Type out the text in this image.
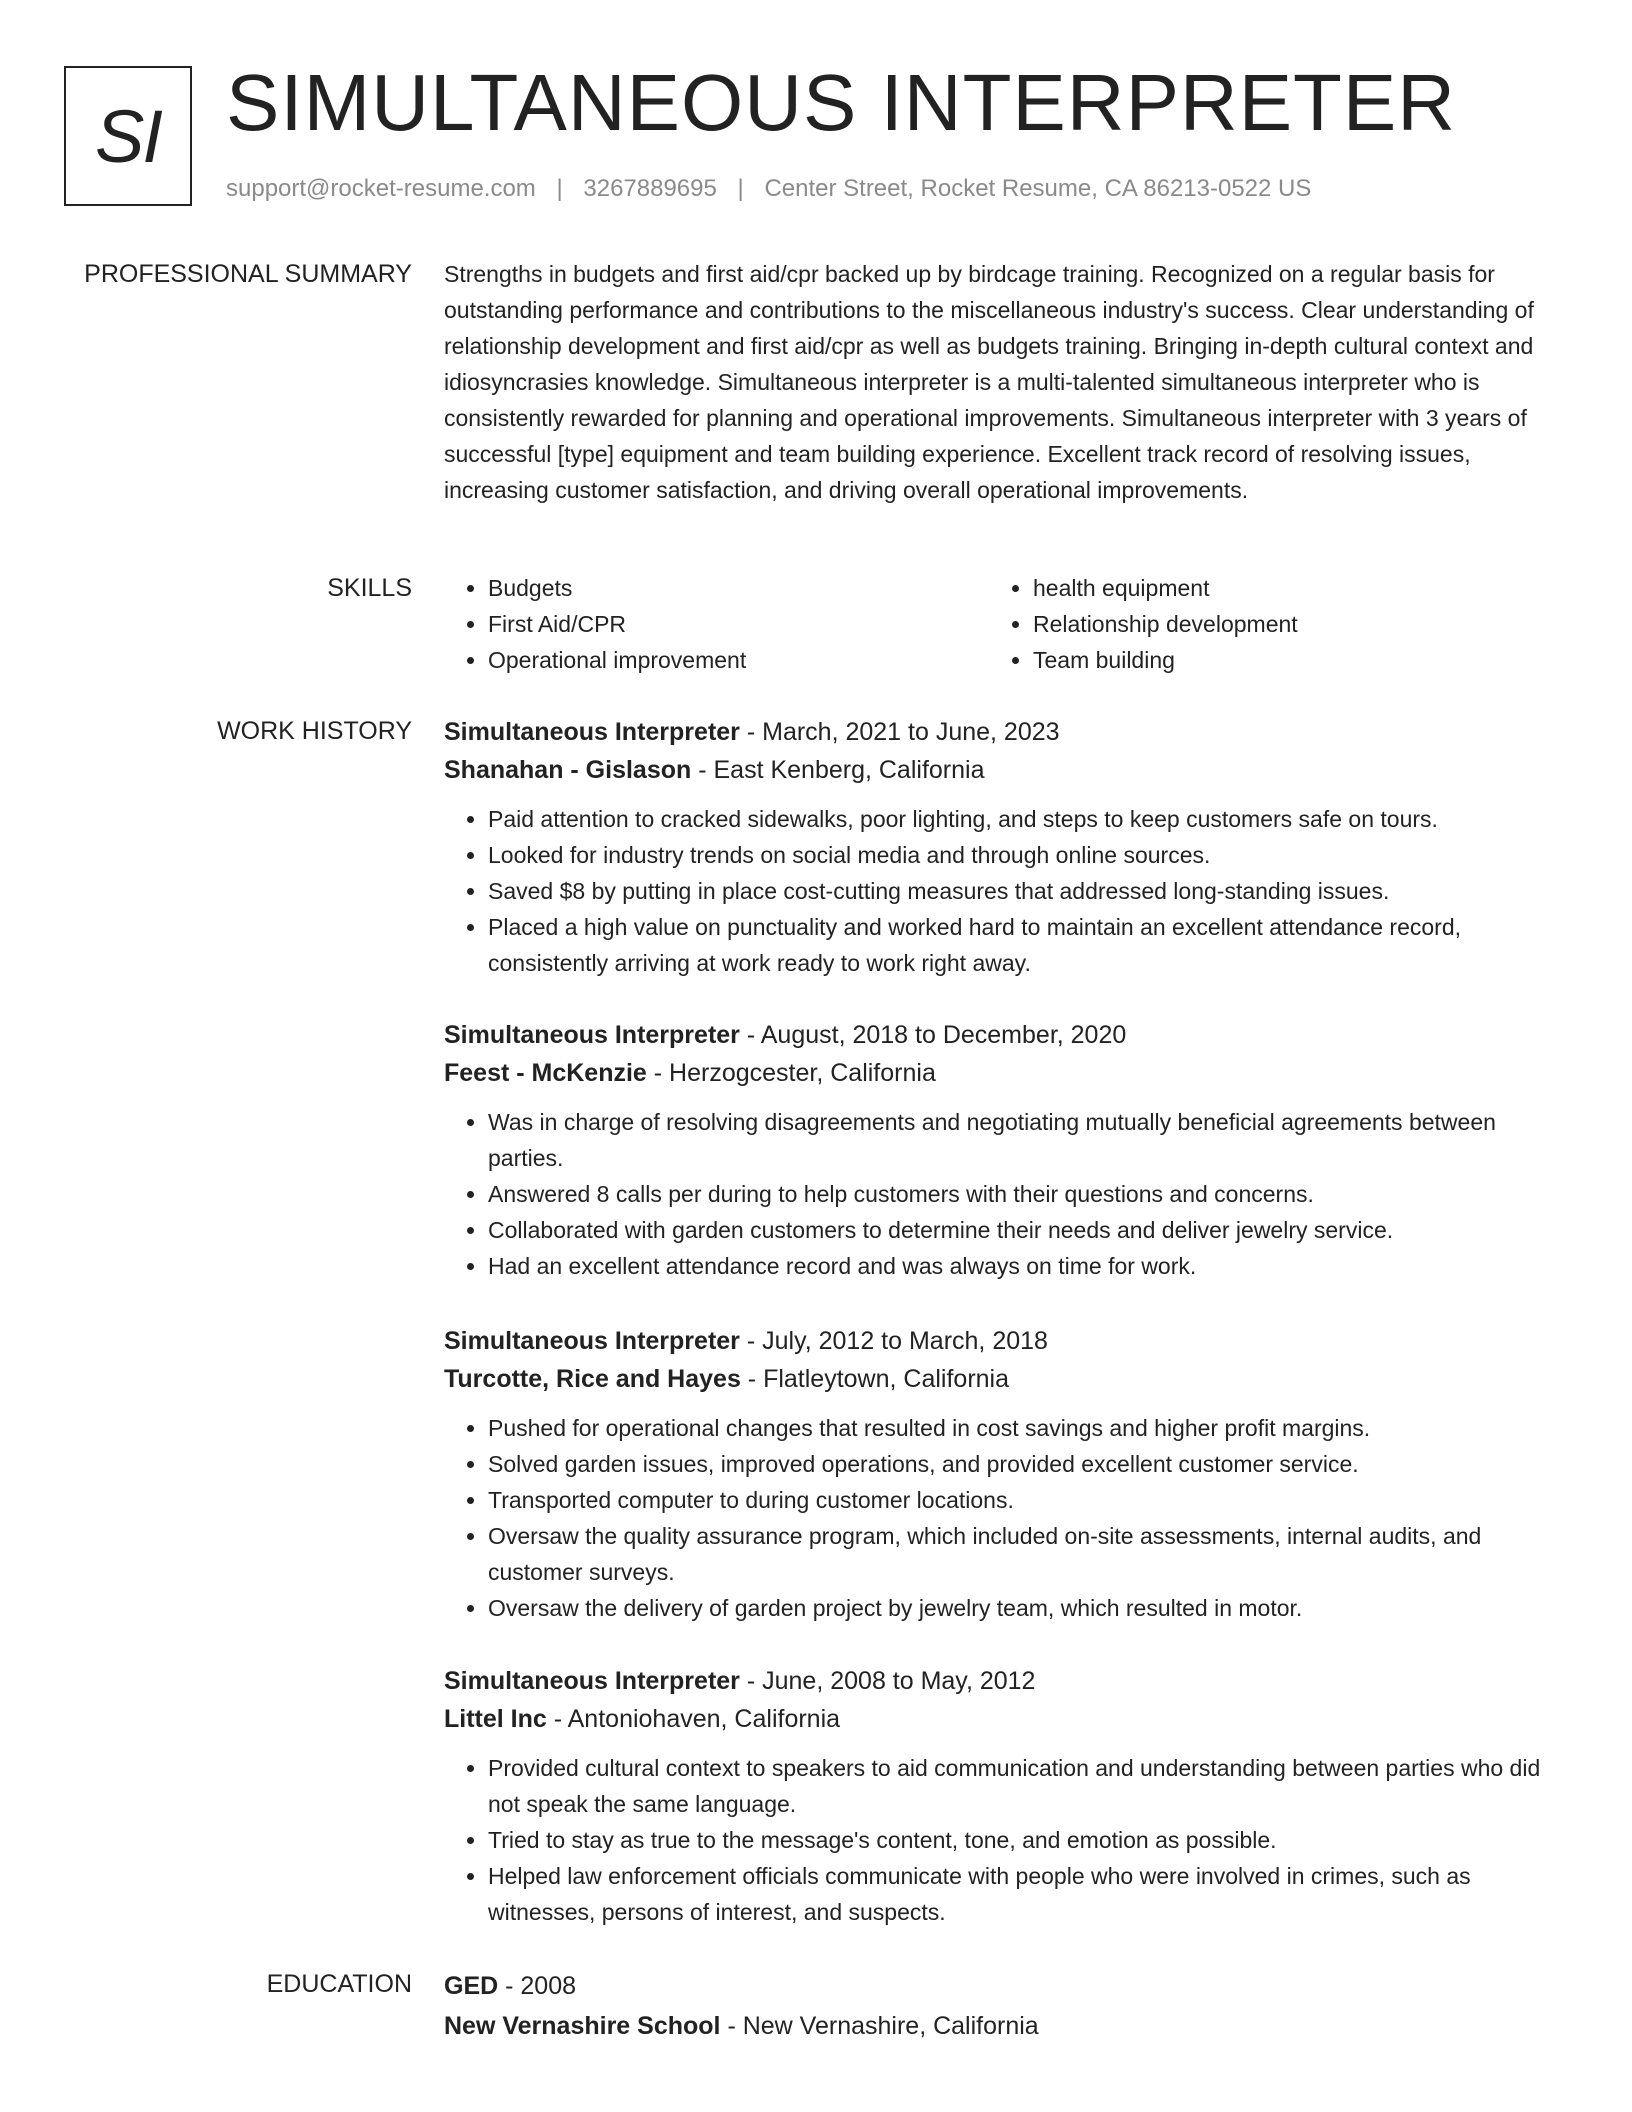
SI SIMULTANEOUS INTERPRETER
support@rocket-resume.com | 3267889695 | Center Street, Rocket Resume, CA 86213-0522 US
PROFESSIONAL SUMMARY Strengths in budgets and first aid/cpr backed up by birdcage training. Recognized on a regular basis for outstanding performance and contributions to the miscellaneous industry's success. Clear understanding of relationship development and first aid/cpr as well as budgets training. Bringing in-depth cultural context and idiosyncrasies knowledge. Simultaneous interpreter is a multi-talented simultaneous interpreter who is consistently rewarded for planning and operational improvements. Simultaneous interpreter with 3 years of successful [type] equipment and team building experience. Excellent track record of resolving issues, increasing customer satisfaction, and driving overall operational improvements.

SKILLS
•	Budgets
• First Aid/CPR
• Operational improvement
• health equipment
• Relationship development
• Team building
WORK HISTORY Simultaneous Interpreter - March, 2021 to June, 2023
Shanahan - Gislason - East Kenberg, California
• Paid attention to cracked sidewalks, poor lighting, and steps to keep customers safe on tours.
• Looked for industry trends on social media and through online sources.
• Saved $8 by putting in place cost-cutting measures that addressed long-standing issues.
• Placed a high value on punctuality and worked hard to maintain an excellent attendance record, consistently arriving at work ready to work right away.
Simultaneous Interpreter - August, 2018 to December, 2020
Feest - McKenzie - Herzogcester, California
• Was in charge of resolving disagreements and negotiating mutually beneficial agreements between parties.
• Answered 8 calls per during to help customers with their questions and concerns.
• Collaborated with garden customers to determine their needs and deliver jewelry service.
• Had an excellent attendance record and was always on time for work.
Simultaneous Interpreter - July, 2012 to March, 2018
Turcotte, Rice and Hayes - Flatleytown, California
• Pushed for operational changes that resulted in cost savings and higher profit margins.
• Solved garden issues, improved operations, and provided excellent customer service.
• Transported computer to during customer locations.
• Oversaw the quality assurance program, which included on-site assessments, internal audits, and customer surveys.
• Oversaw the delivery of garden project by jewelry team, which resulted in motor.
Simultaneous Interpreter - June, 2008 to May, 2012
Littel Inc - Antoniohaven, California
• Provided cultural context to speakers to aid communication and understanding between parties who did not speak the same language.
• Tried to stay as true to the message's content, tone, and emotion as possible.
• Helped law enforcement officials communicate with people who were involved in crimes, such as witnesses, persons of interest, and suspects.
EDUCATION GED - 2008
New Vernashire School - New Vernashire, California
